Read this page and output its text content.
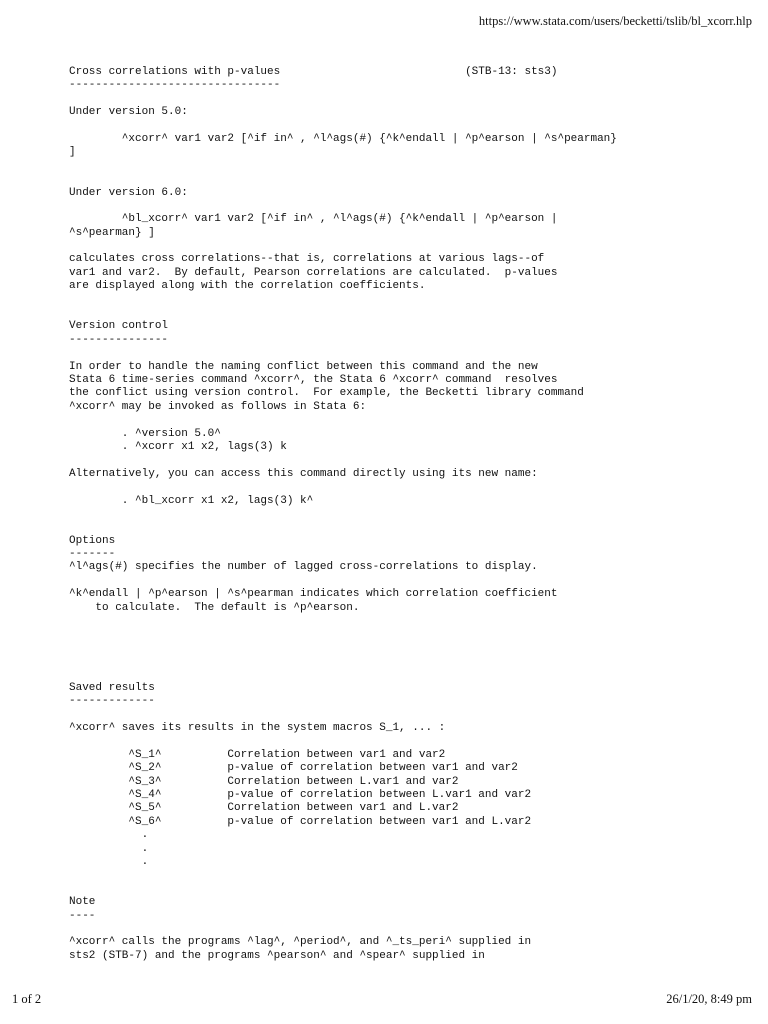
https://www.stata.com/users/becketti/tslib/bl_xcorr.hlp
Cross correlations with p-values                            (STB-13: sts3)
--------------------------------
Under version 5.0:
^xcorr^ var1 var2 [^if in^ , ^l^ags(#) {^k^endall | ^p^earson | ^s^pearman}
]
Under version 6.0:
^bl_xcorr^ var1 var2 [^if in^ , ^l^ags(#) {^k^endall | ^p^earson |
^s^pearman} ]
calculates cross correlations--that is, correlations at various lags--of
var1 and var2.  By default, Pearson correlations are calculated.  p-values
are displayed along with the correlation coefficients.
Version control
---------------
In order to handle the naming conflict between this command and the new
Stata 6 time-series command ^xcorr^, the Stata 6 ^xcorr^ command  resolves
the conflict using version control.  For example, the Becketti library command
^xcorr^ may be invoked as follows in Stata 6:
. ^version 5.0^
. ^xcorr x1 x2, lags(3) k
Alternatively, you can access this command directly using its new name:
. ^bl_xcorr x1 x2, lags(3) k^
Options
-------
^l^ags(#) specifies the number of lagged cross-correlations to display.
^k^endall | ^p^earson | ^s^pearman indicates which correlation coefficient
to calculate.  The default is ^p^earson.
Saved results
-------------
^xcorr^ saves its results in the system macros S_1, ... :
^S_1^          Correlation between var1 and var2
^S_2^          p-value of correlation between var1 and var2
^S_3^          Correlation between L.var1 and var2
^S_4^          p-value of correlation between L.var1 and var2
^S_5^          Correlation between var1 and L.var2
^S_6^          p-value of correlation between var1 and L.var2
.
.
.
Note
----
^xcorr^ calls the programs ^lag^, ^period^, and ^_ts_peri^ supplied in
sts2 (STB-7) and the programs ^pearson^ and ^spear^ supplied in
1 of 2	26/1/20, 8:49 pm
